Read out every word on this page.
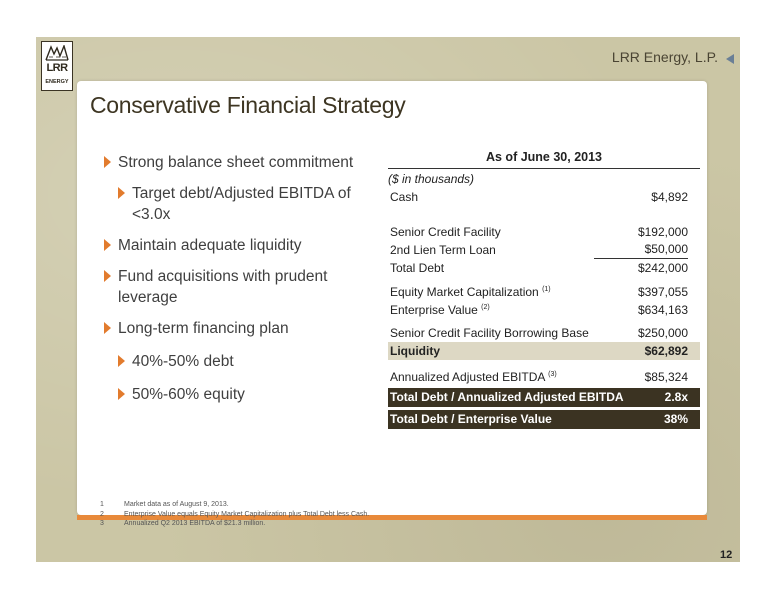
LRR
ENERGY
LRR Energy, L.P.
Conservative Financial Strategy
Strong balance sheet commitment
Target debt/Adjusted EBITDA of <3.0x
Maintain adequate liquidity
Fund acquisitions with prudent leverage
Long-term financing plan
40%-50% debt
50%-60% equity
As of June 30, 2013
($ in thousands)
Cash	$4,892
Senior Credit Facility	$192,000
2nd Lien Term Loan	$50,000
Total Debt	$242,000
Equity Market Capitalization $^{(1)}$	$397,055
Enterprise Value $^{(2)}$	$634,163
Senior Credit Facility Borrowing Base	$250,000
Liquidity	$62,892
Annualized Adjusted EBITDA $^{(3)}$	$85,324
Total Debt / Annualized Adjusted EBITDA	2.8x
Total Debt / Enterprise Value	38%
1	Market data as of August 9, 2013.
2	Enterprise Value equals Equity Market Capitalization plus Total Debt less Cash.
3	Annualized Q2 2013 EBITDA of $21.3 million.
12
